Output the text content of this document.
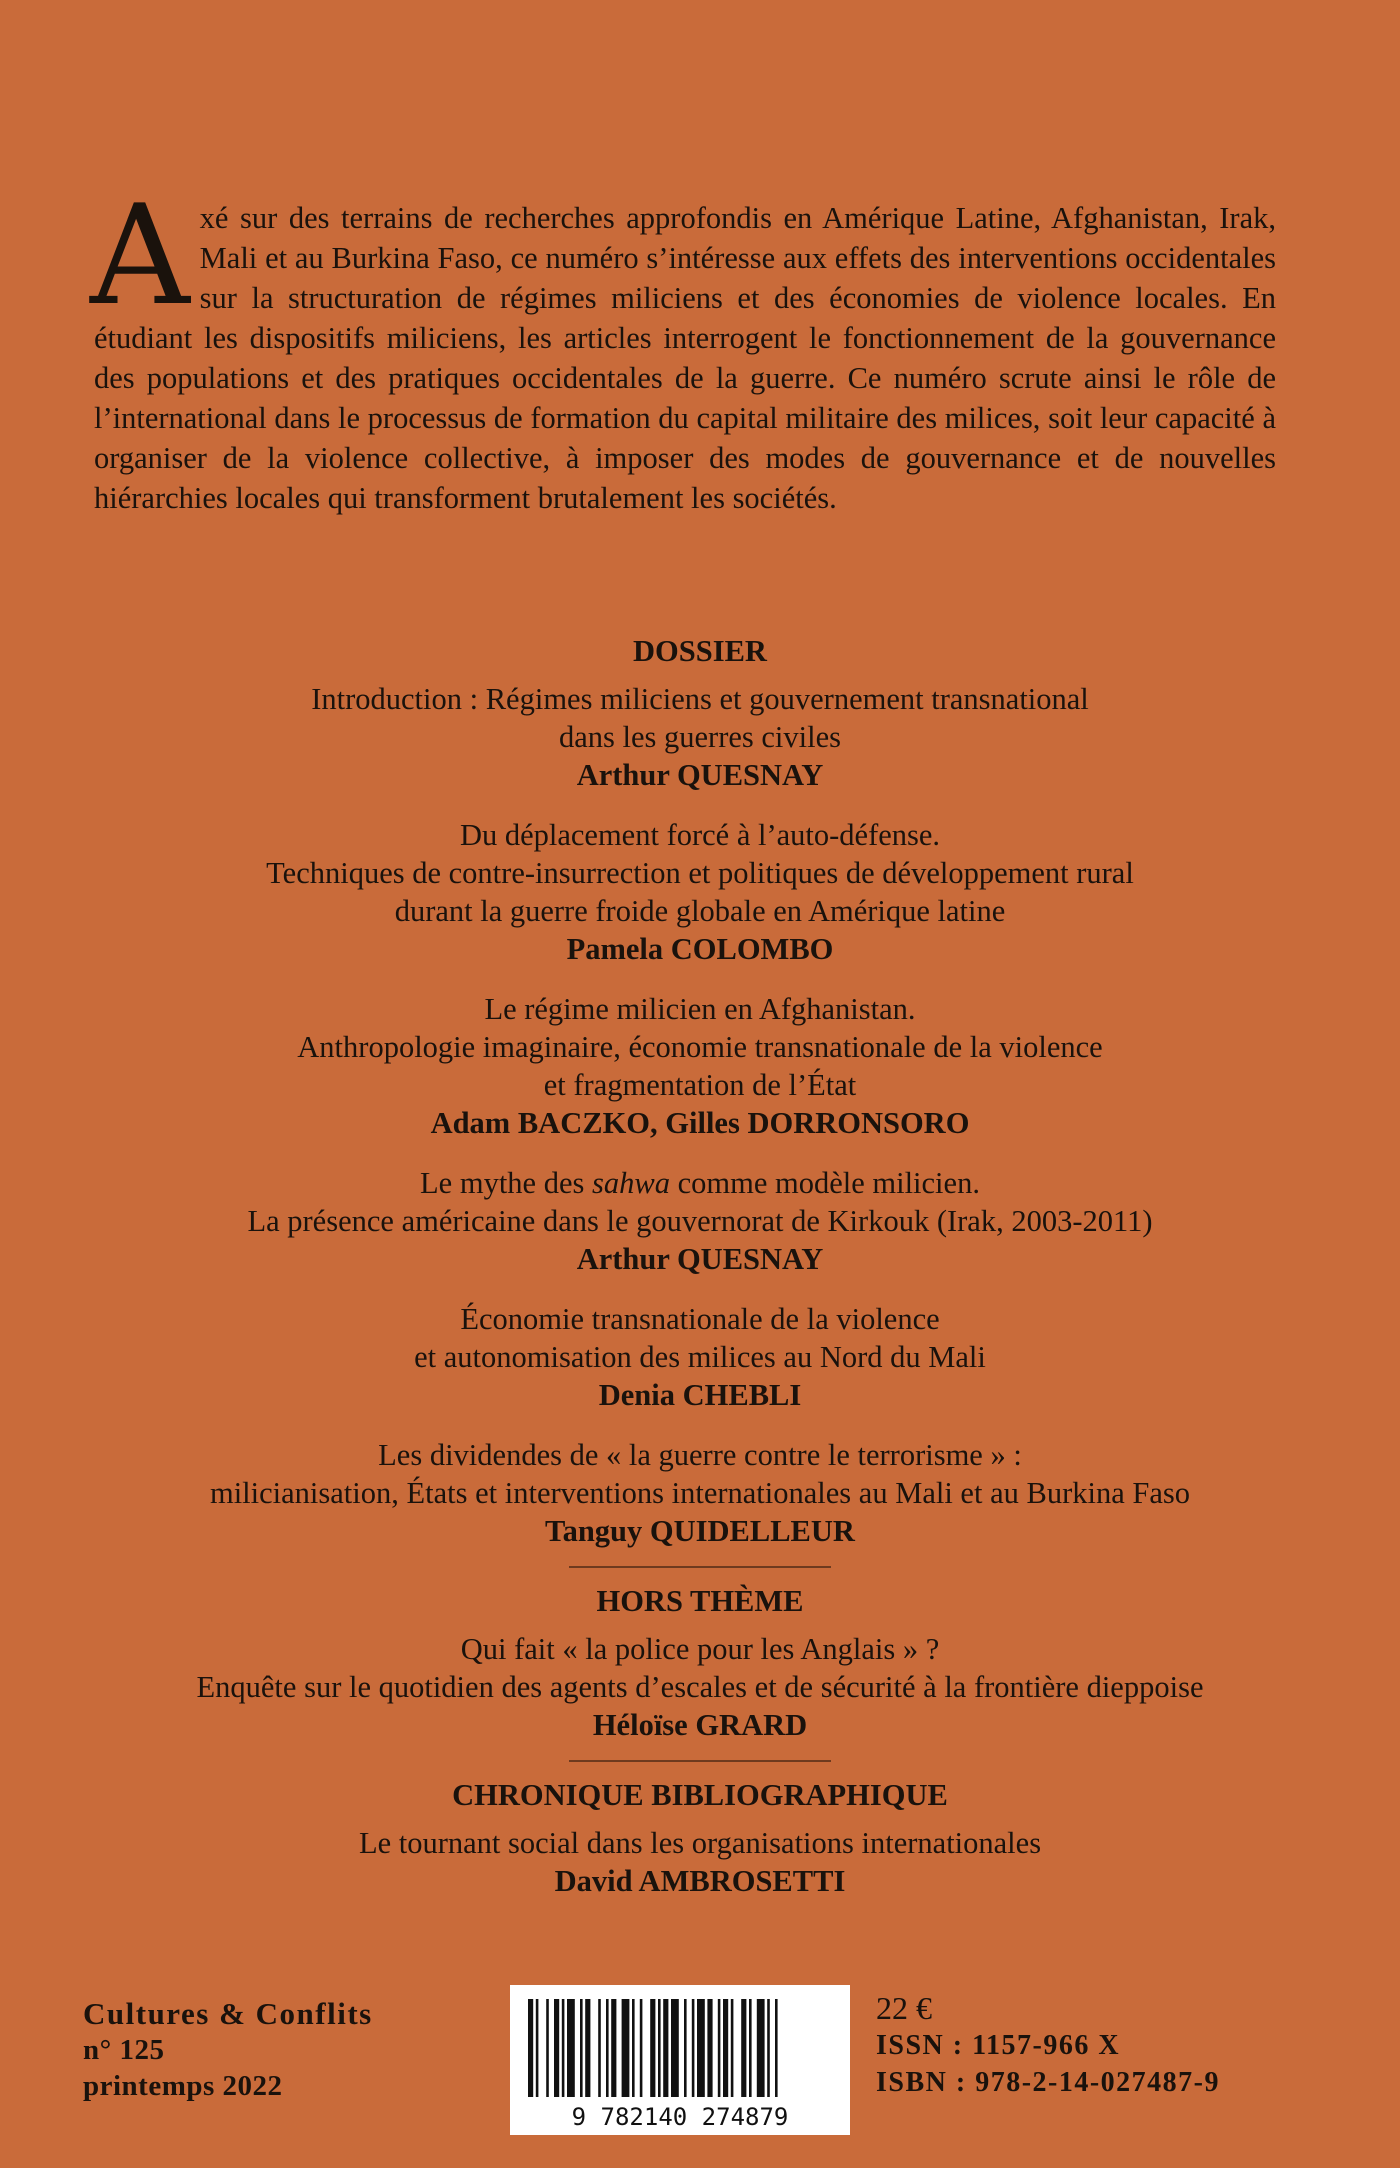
Axé sur des terrains de recherches approfondis en Amérique Latine, Afghanistan, Irak, Mali et au Burkina Faso, ce numéro s’intéresse aux effets des interventions occidentales sur la structuration de régimes miliciens et des économies de violence locales. En étudiant les dispositifs miliciens, les articles interrogent le fonctionnement de la gouvernance des populations et des pratiques occidentales de la guerre. Ce numéro scrute ainsi le rôle de l’international dans le processus de formation du capital militaire des milices, soit leur capacité à organiser de la violence collective, à imposer des modes de gouvernance et de nouvelles hiérarchies locales qui transforment brutalement les sociétés.

DOSSIER

Introduction : Régimes miliciens et gouvernement transnational
dans les guerres civiles
Arthur QUESNAY
Du déplacement forcé à l’auto-défense.
Techniques de contre-insurrection et politiques de développement rural
durant la guerre froide globale en Amérique latine
Pamela COLOMBO
Le régime milicien en Afghanistan.
Anthropologie imaginaire, économie transnationale de la violence
et fragmentation de l’État
Adam BACZKO, Gilles DORRONSORO
Le mythe des sahwa comme modèle milicien.
La présence américaine dans le gouvernorat de Kirkouk (Irak, 2003-2011)
Arthur QUESNAY
Économie transnationale de la violence
et autonomisation des milices au Nord du Mali
Denia CHEBLI
Les dividendes de « la guerre contre le terrorisme » :
milicianisation, États et interventions internationales au Mali et au Burkina Faso
Tanguy QUIDELLEUR

HORS THÈME

Qui fait « la police pour les Anglais » ?
Enquête sur le quotidien des agents d’escales et de sécurité à la frontière dieppoise
Héloïse GRARD

CHRONIQUE BIBLIOGRAPHIQUE

Le tournant social dans les organisations internationales
David AMBROSETTI
Cultures & Conflits
n° 125
printemps 2022
9 782140 274879
22 €
ISSN : 1157-966 X
ISBN : 978-2-14-027487-9
